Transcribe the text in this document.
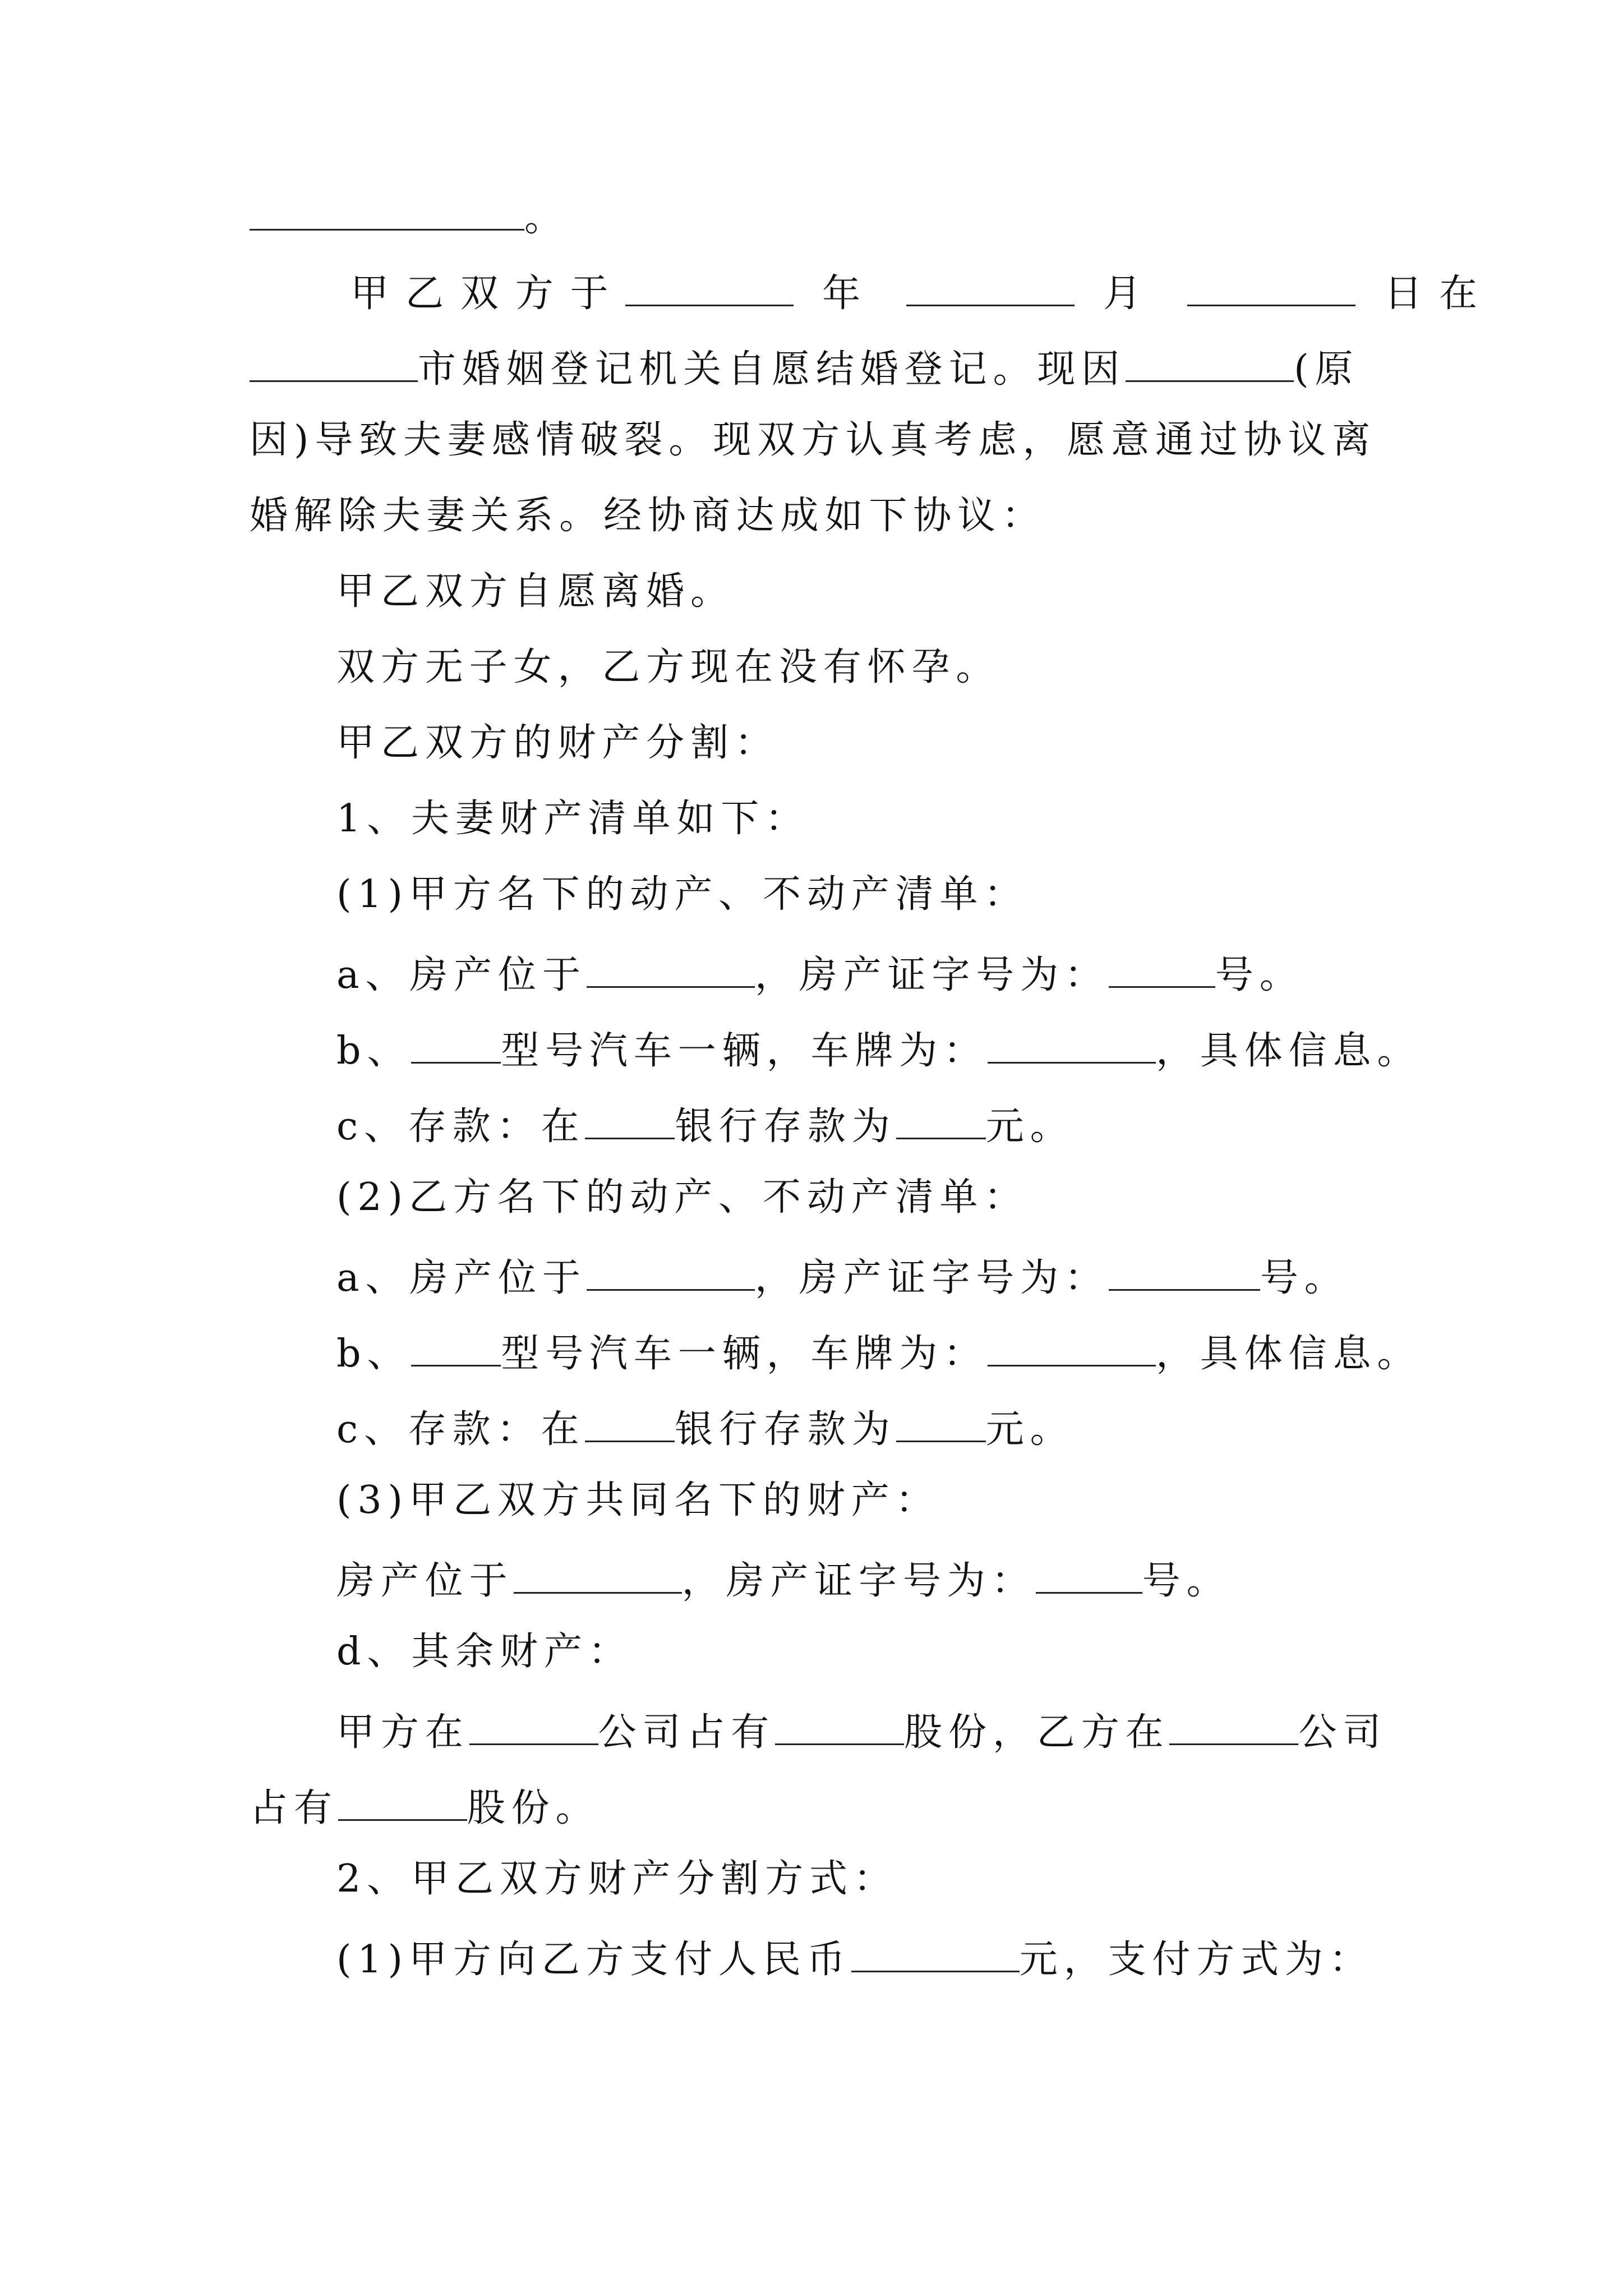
。
甲乙双方于	年	月	日在
市婚姻登记机关自愿结婚登记。现因	(原
因)导致夫妻感情破裂。现双方认真考虑，愿意通过协议离
婚解除夫妻关系。经协商达成如下协议：
甲乙双方自愿离婚。
双方无子女，乙方现在没有怀孕。
甲乙双方的财产分割：
1、夫妻财产清单如下：
(1)甲方名下的动产、不动产清单：
a、房产位于	，房产证字号为：	号。
b、 型号汽车一辆，车牌为：	，具体信息。
c、存款：在 银行存款为 元。
(2)乙方名下的动产、不动产清单：
a、房产位于	，房产证字号为：	号。
b、 型号汽车一辆，车牌为：	，具体信息。
c、存款：在 银行存款为 元。
(3)甲乙双方共同名下的财产：
房产位于	，房产证字号为：	号。
d、其余财产：
甲方在	公司占有	股份，乙方在	公司
占有	股份。
2、甲乙双方财产分割方式：
(1)甲方向乙方支付人民币	元，支付方式为：
